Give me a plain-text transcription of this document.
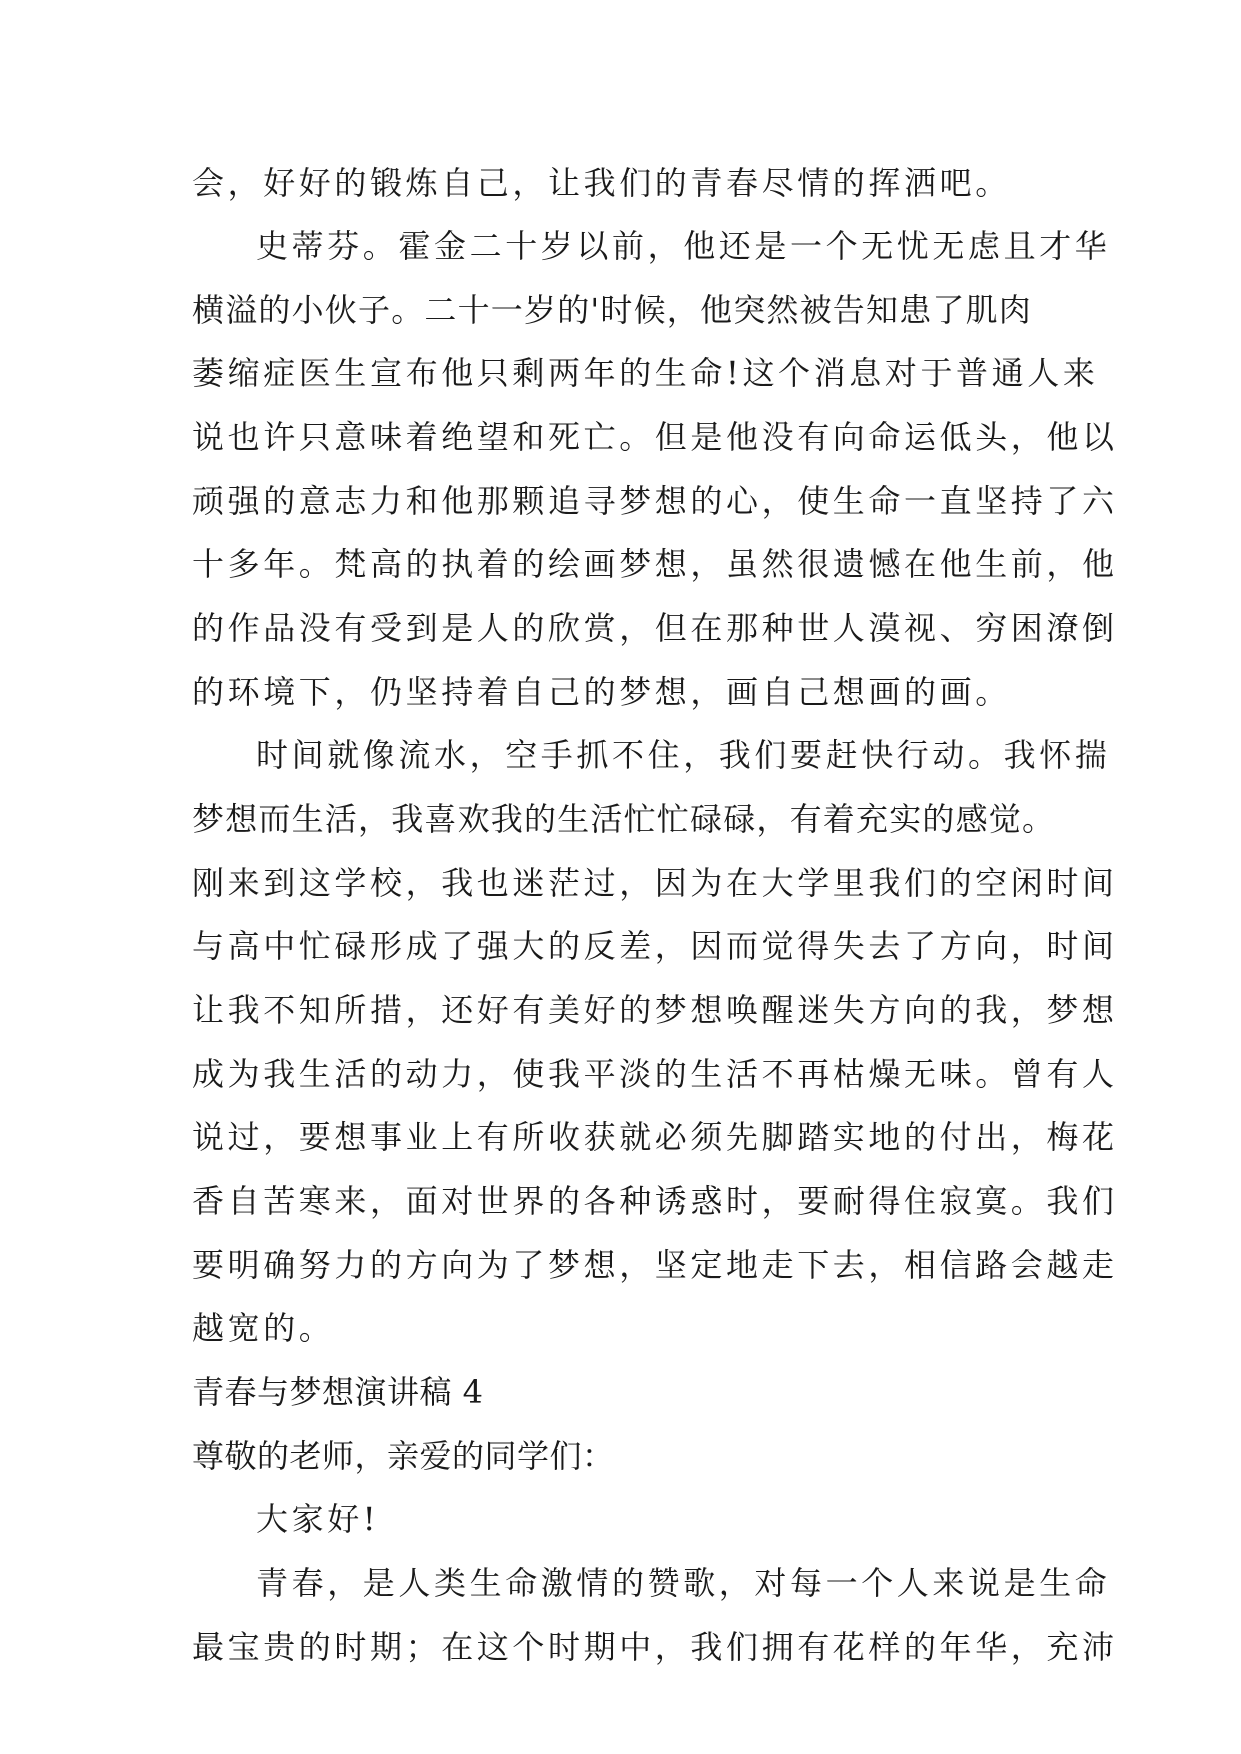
会，好好的锻炼自己，让我们的青春尽情的挥洒吧。
史蒂芬。霍金二十岁以前，他还是一个无忧无虑且才华
横溢的小伙子。二十一岁的'时候，他突然被告知患了肌肉
萎缩症医生宣布他只剩两年的生命!这个消息对于普通人来
说也许只意味着绝望和死亡。但是他没有向命运低头，他以
顽强的意志力和他那颗追寻梦想的心，使生命一直坚持了六
十多年。梵高的执着的绘画梦想，虽然很遗憾在他生前，他
的作品没有受到是人的欣赏，但在那种世人漠视、穷困潦倒
的环境下，仍坚持着自己的梦想，画自己想画的画。
时间就像流水，空手抓不住，我们要赶快行动。我怀揣
梦想而生活，我喜欢我的生活忙忙碌碌，有着充实的感觉。
刚来到这学校，我也迷茫过，因为在大学里我们的空闲时间
与高中忙碌形成了强大的反差，因而觉得失去了方向，时间
让我不知所措，还好有美好的梦想唤醒迷失方向的我，梦想
成为我生活的动力，使我平淡的生活不再枯燥无味。曾有人
说过，要想事业上有所收获就必须先脚踏实地的付出，梅花
香自苦寒来，面对世界的各种诱惑时，要耐得住寂寞。我们
要明确努力的方向为了梦想，坚定地走下去，相信路会越走
越宽的。
青春与梦想演讲稿 4
尊敬的老师，亲爱的同学们：
大家好!
青春，是人类生命激情的赞歌，对每一个人来说是生命
最宝贵的时期；在这个时期中，我们拥有花样的年华，充沛
